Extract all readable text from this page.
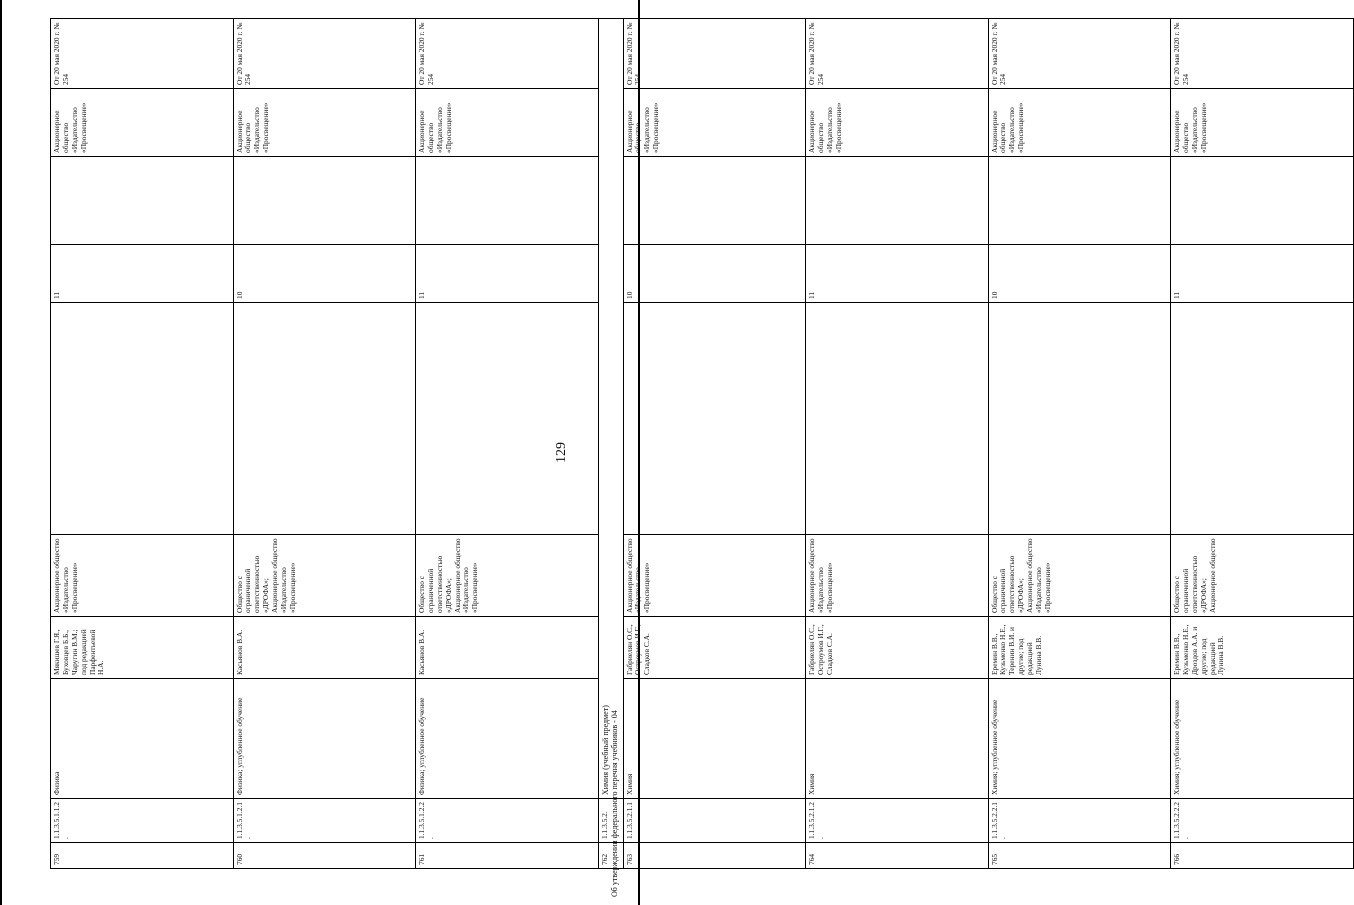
129
759	1.1.3.5.1.1.2.	Физика	Мякишев Г.Я., Буховцев Б.Б., Чаругин В.М.; под редакцией Парфентьевой Н.А.	Акционерное общество «Издательство «Просвещение»		11		Акционерное общество «Издательство «Просвещение»	От 20 мая 2020 г. № 254	
760	1.1.3.5.1.2.1.	Физика; углубленное обучение	Касьянов В.А.	Общество с ограниченной ответственностью «ДРОФА»; Акционерное общество «Издательство «Просвещение»		10		Акционерное общество «Издательство «Просвещение»	От 20 мая 2020 г. № 254	
761	1.1.3.5.1.2.2.	Физика; углубленное обучение	Касьянов В.А.	Общество с ограниченной ответственностью «ДРОФА»; Акционерное общество «Издательство «Просвещение»		11		Акционерное общество «Издательство «Просвещение»	От 20 мая 2020 г. № 254	
762	1.1.3.5.2.	Химия (учебный предмет)								
763	1.1.3.5.2.1.1.	Химия	Габриелян О.С., Остроумов И.Г., Сладков С.А.	Акционерное общество «Издательство «Просвещение»		10		Акционерное общество «Издательство «Просвещение»	От 20 мая 2020 г. № 254	
764	1.1.3.5.2.1.2.	Химия	Габриелян О.С., Остроумов И.Г., Сладков С.А.	Акционерное общество «Издательство «Просвещение»		11		Акционерное общество «Издательство «Просвещение»	От 20 мая 2020 г. № 254	
765	1.1.3.5.2.2.1.	Химия; углубленное обучение	Еремин В.В., Кузьменко Н.Е., Теренин В.И. и другие; под редакцией Лунина В.В.	Общество с ограниченной ответственностью «ДРОФА»; Акционерное общество «Издательство «Просвещение»		10		Акционерное общество «Издательство «Просвещение»	От 20 мая 2020 г. № 254	
766	1.1.3.5.2.2.2.	Химия; углубленное обучение	Еремин В.В., Кузьменко Н.Е., Дроздов А.А. и другие; под редакцией Лунина В.В.	Общество с ограниченной ответственностью «ДРОФА»; Акционерное общество		11		Акционерное общество «Издательство «Просвещение»	От 20 мая 2020 г. № 254	
Об утверждении федерального перечня учебников - 04
